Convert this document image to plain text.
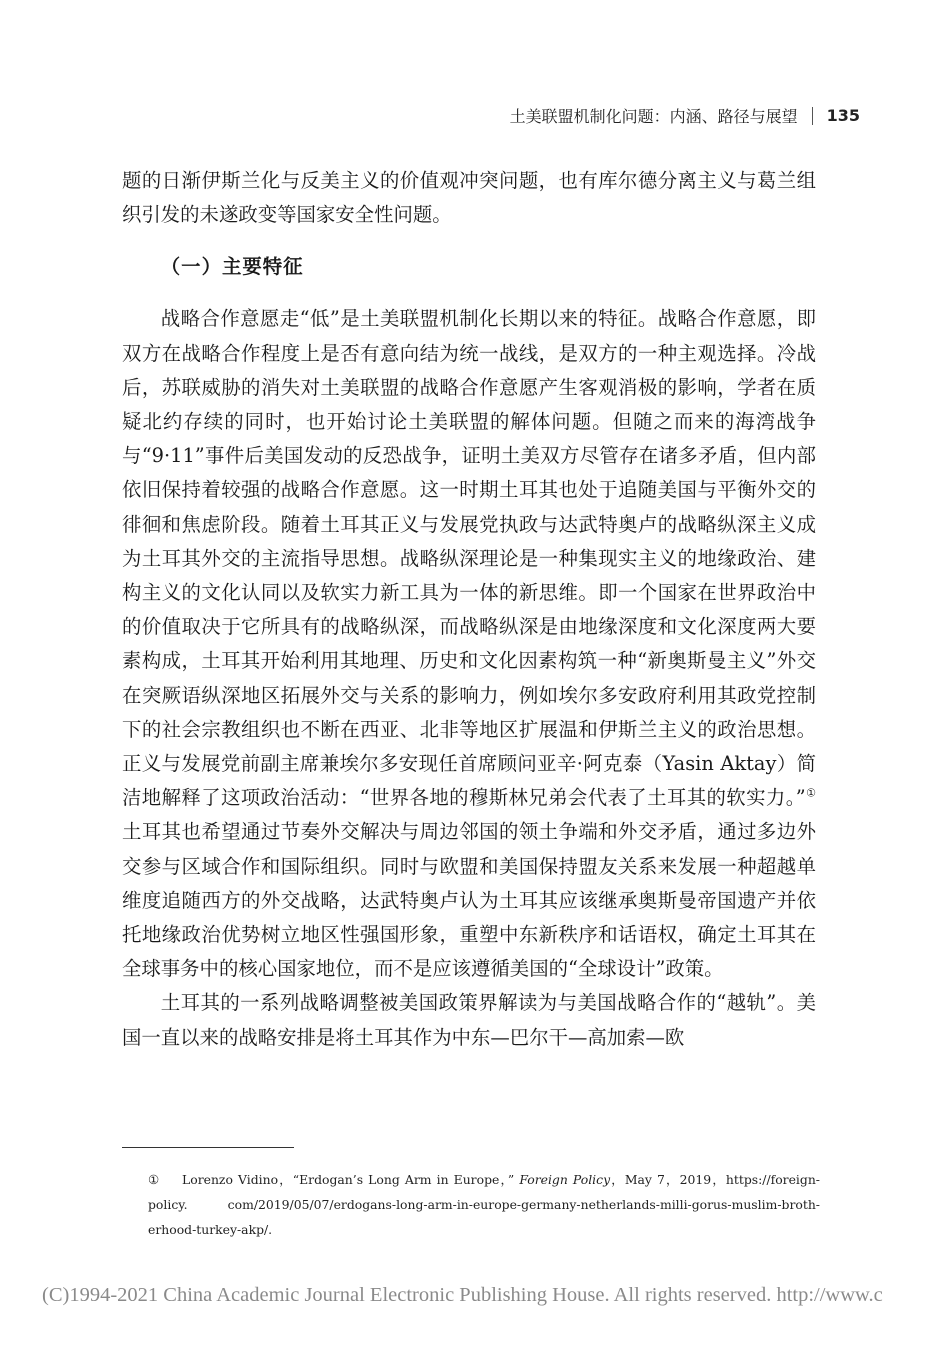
土美联盟机制化问题：内涵、路径与展望 135

题的日渐伊斯兰化与反美主义的价值观冲突问题，也有库尔德分离主义与葛兰组织引发的未遂政变等国家安全性问题。

（一）主要特征

战略合作意愿走“低”是土美联盟机制化长期以来的特征。战略合作意愿，即双方在战略合作程度上是否有意向结为统一战线，是双方的一种主观选择。冷战后，苏联威胁的消失对土美联盟的战略合作意愿产生客观消极的影响，学者在质疑北约存续的同时，也开始讨论土美联盟的解体问题。但随之而来的海湾战争与“9·11”事件后美国发动的反恐战争，证明土美双方尽管存在诸多矛盾，但内部依旧保持着较强的战略合作意愿。这一时期土耳其也处于追随美国与平衡外交的徘徊和焦虑阶段。随着土耳其正义与发展党执政与达武特奥卢的战略纵深主义成为土耳其外交的主流指导思想。战略纵深理论是一种集现实主义的地缘政治、建构主义的文化认同以及软实力新工具为一体的新思维。即一个国家在世界政治中的价值取决于它所具有的战略纵深，而战略纵深是由地缘深度和文化深度两大要素构成，土耳其开始利用其地理、历史和文化因素构筑一种“新奥斯曼主义”外交在突厥语纵深地区拓展外交与关系的影响力，例如埃尔多安政府利用其政党控制下的社会宗教组织也不断在西亚、北非等地区扩展温和伊斯兰主义的政治思想。正义与发展党前副主席兼埃尔多安现任首席顾问亚辛·阿克泰（Yasin Aktay）简洁地解释了这项政治活动：“世界各地的穆斯林兄弟会代表了土耳其的软实力。”① 土耳其也希望通过节奏外交解决与周边邻国的领土争端和外交矛盾，通过多边外交参与区域合作和国际组织。同时与欧盟和美国保持盟友关系来发展一种超越单维度追随西方的外交战略，达武特奥卢认为土耳其应该继承奥斯曼帝国遗产并依托地缘政治优势树立地区性强国形象，重塑中东新秩序和话语权，确定土耳其在全球事务中的核心国家地位，而不是应该遵循美国的“全球设计”政策。

土耳其的一系列战略调整被美国政策界解读为与美国战略合作的“越轨”。美国一直以来的战略安排是将土耳其作为中东—巴尔干—高加索—欧

① Lorenzo Vidino，“Erdogan’s Long Arm in Europe，” Foreign Policy，May 7，2019，https://foreign-policy. com/2019/05/07/erdogans-long-arm-in-europe-germany-netherlands-milli-gorus-muslim-broth-erhood-turkey-akp/.
(C)1994-2021 China Academic Journal Electronic Publishing House. All rights reserved. http://www.c
